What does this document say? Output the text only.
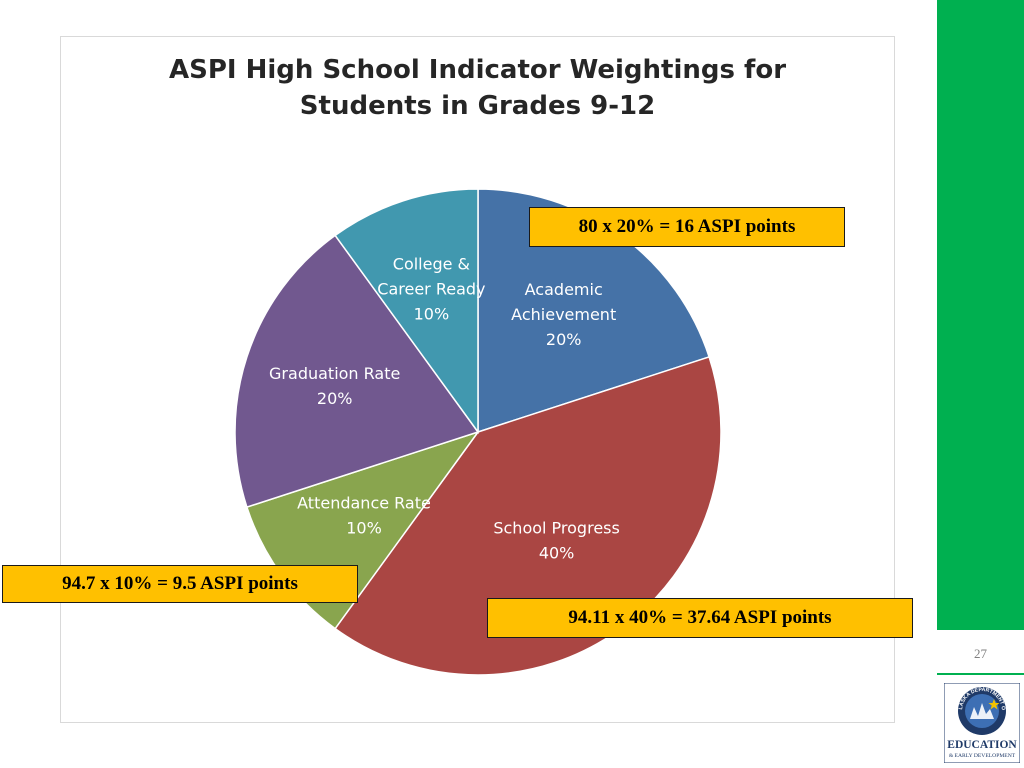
27
LASKA DEPARTMENT O
EDUCATION
& EARLY DEVELOPMENT
ASPI High School Indicator Weightings for
Students in Grades 9-12
Academic Achievement 20%
School Progress 40%
Attendance Rate 10%
Graduation Rate 20%
College & Career Ready 10%
80 x 20% = 16 ASPI points
94.7 x 10% = 9.5 ASPI points
94.11 x 40% = 37.64 ASPI points
